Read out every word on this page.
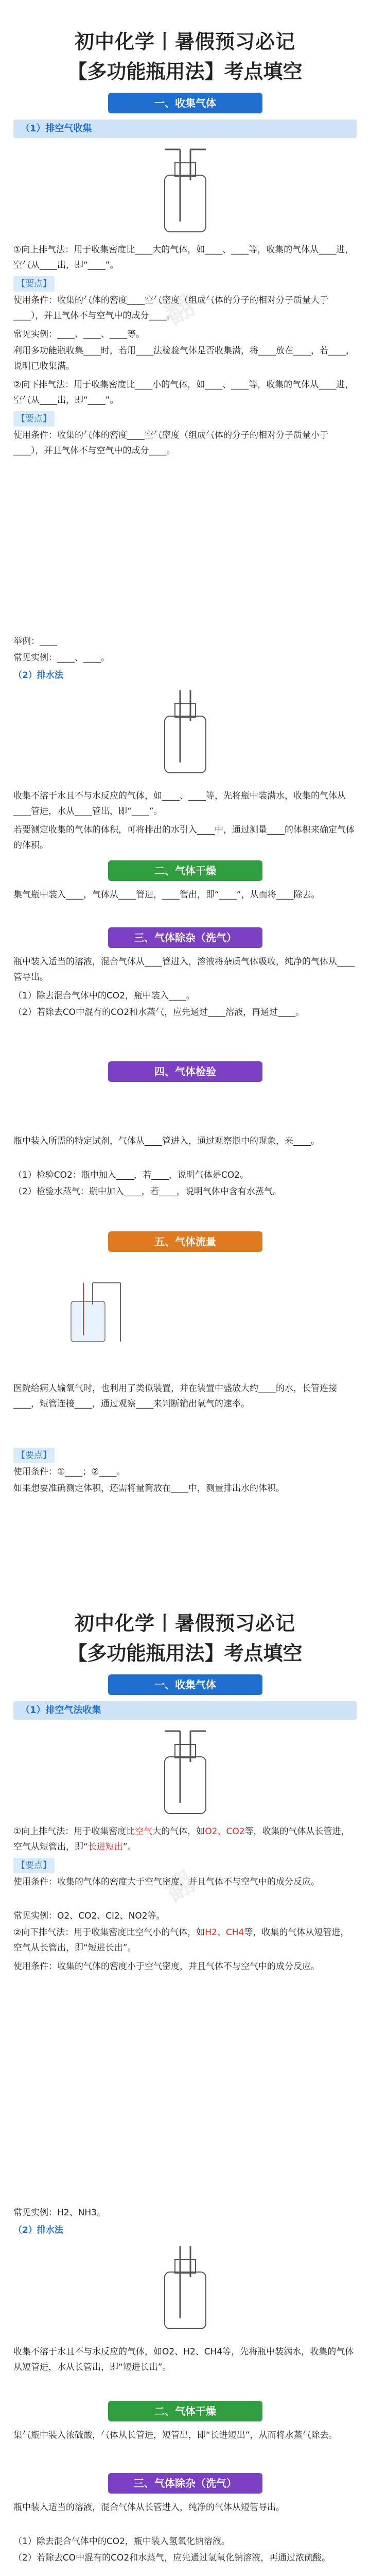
翻
初中化学丨暑假预习必记
【多功能瓶用法】考点填空
一、收集气体
（1）排空气收集
①向上排气法：用于收集密度比____大的气体，如____、____等，收集的气体从____进，空气从____出，即“____”。
【要点】
使用条件：收集的气体的密度____空气密度（组成气体的分子的相对分子质量大于____），并且气体不与空气中的成分____。
常见实例：____、____、____等。
利用多功能瓶收集____时，若用____法检验气体是否收集满，将____放在____，若____，说明已收集满。
②向下排气法：用于收集密度比____小的气体，如____、____等，收集的气体从____进，空气从____出，即“____”。
【要点】
使用条件：收集的气体的密度____空气密度（组成气体的分子的相对分子质量小于____），并且气体不与空气中的成分____。
举例：____
常见实例：____、____。
（2）排水法
收集不溶于水且不与水反应的气体，如____、____等，先将瓶中装满水，收集的气体从____管进，水从____管出，即“____”。
若要测定收集的气体的体积，可将排出的水引入____中，通过测量____的体积来确定气体的体积。
二、气体干燥
集气瓶中装入____，气体从____管进，____管出，即“____”，从而将____除去。
三、气体除杂（洗气）
瓶中装入适当的溶液，混合气体从____管进入，溶液将杂质气体吸收，纯净的气体从____管导出。
（1）除去混合气体中的CO2，瓶中装入____。
（2）若除去CO中混有的CO2和水蒸气，应先通过____溶液，再通过____。
四、气体检验
瓶中装入所需的特定试剂，气体从____管进入，通过观察瓶中的现象，来____。
（1）检验CO2：瓶中加入____，若____，说明气体是CO2。
（2）检验水蒸气：瓶中加入____，若____，说明气体中含有水蒸气。
五、气体流量
医院给病人输氧气时，也利用了类似装置，并在装置中盛放大约____的水，长管连接____，短管连接____，通过观察____来判断输出氧气的速率。
【要点】
使用条件：①____；②____。
如果想要准确测定体积，还需将量筒放在____中，测量排出水的体积。
翻
初中化学丨暑假预习必记
【多功能瓶用法】考点填空
一、收集气体
（1）排空气法收集
①向上排气法：用于收集密度比空气大的气体，如O2、CO2等，收集的气体从长管进，空气从短管出，即“长进短出”。
【要点】
使用条件：收集的气体的密度大于空气密度，并且气体不与空气中的成分反应。
常见实例：O2、CO2、Cl2、NO2等。
②向下排气法：用于收集密度比空气小的气体，如H2、CH4等，收集的气体从短管进，空气从长管出，即“短进长出”。
使用条件：收集的气体的密度小于空气密度，并且气体不与空气中的成分反应。
常见实例：H2、NH3。
（2）排水法
收集不溶于水且不与水反应的气体，如O2、H2、CH4等，先将瓶中装满水，收集的气体从短管进，水从长管出，即“短进长出”。
二、气体干燥
集气瓶中装入浓硫酸，气体从长管进，短管出，即“长进短出”，从而将水蒸气除去。
三、气体除杂（洗气）
瓶中装入适当的溶液，混合气体从长管进入，纯净的气体从短管导出。
（1）除去混合气体中的CO2，瓶中装入氢氧化钠溶液。
（2）若除去CO中混有的CO2和水蒸气，应先通过氢氧化钠溶液，再通过浓硫酸。
